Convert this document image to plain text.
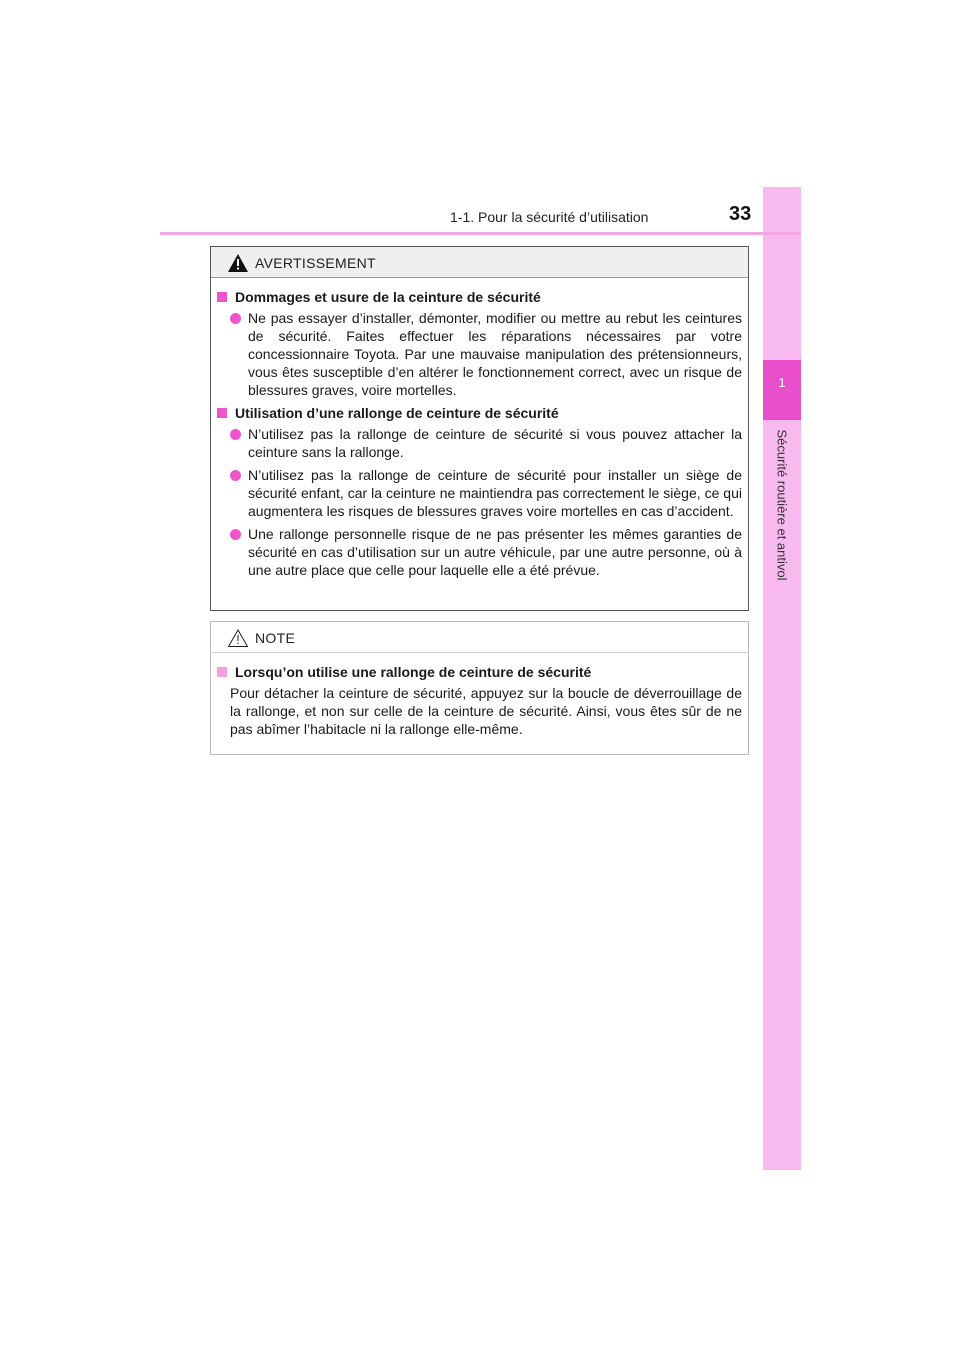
1
Sécurité routière et antivol
1-1. Pour la sécurité d’utilisation	33
AVERTISSEMENT
Dommages et usure de la ceinture de sécurité
Ne pas essayer d’installer, démonter, modifier ou mettre au rebut les ceintures de sécurité. Faites effectuer les réparations nécessaires par votre concessionnaire Toyota. Par une mauvaise manipulation des prétensionneurs, vous êtes susceptible d’en altérer le fonctionnement correct, avec un risque de blessures graves, voire mortelles.
Utilisation d’une rallonge de ceinture de sécurité
N’utilisez pas la rallonge de ceinture de sécurité si vous pouvez attacher la ceinture sans la rallonge.
N’utilisez pas la rallonge de ceinture de sécurité pour installer un siège de sécurité enfant, car la ceinture ne maintiendra pas correctement le siège, ce qui augmentera les risques de blessures graves voire mortelles en cas d’accident.
Une rallonge personnelle risque de ne pas présenter les mêmes garanties de sécurité en cas d’utilisation sur un autre véhicule, par une autre personne, où à une autre place que celle pour laquelle elle a été prévue.
NOTE
Lorsqu’on utilise une rallonge de ceinture de sécurité
Pour détacher la ceinture de sécurité, appuyez sur la boucle de déverrouillage de la rallonge, et non sur celle de la ceinture de sécurité. Ainsi, vous êtes sûr de ne pas abîmer l’habitacle ni la rallonge elle-même.
